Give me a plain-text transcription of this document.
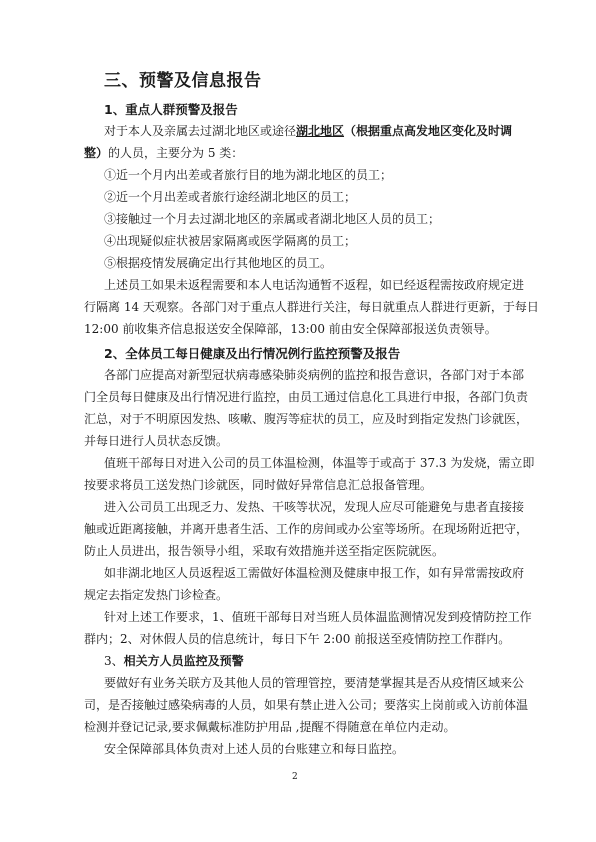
三、预警及信息报告
1、重点人群预警及报告
对于本人及亲属去过湖北地区或途径湖北地区（根据重点高发地区变化及时调
整）的人员，主要分为 5 类：
①近一个月内出差或者旅行目的地为湖北地区的员工；
②近一个月出差或者旅行途经湖北地区的员工；
③接触过一个月去过湖北地区的亲属或者湖北地区人员的员工；
④出现疑似症状被居家隔离或医学隔离的员工；
⑤根据疫情发展确定出行其他地区的员工。
上述员工如果未返程需要和本人电话沟通暂不返程，如已经返程需按政府规定进
行隔离 14 天观察。各部门对于重点人群进行关注，每日就重点人群进行更新，于每日
12:00 前收集齐信息报送安全保障部，13:00 前由安全保障部报送负责领导。
2、全体员工每日健康及出行情况例行监控预警及报告
各部门应提高对新型冠状病毒感染肺炎病例的监控和报告意识，各部门对于本部
门全员每日健康及出行情况进行监控，由员工通过信息化工具进行申报，各部门负责
汇总，对于不明原因发热、咳嗽、腹泻等症状的员工，应及时到指定发热门诊就医，
并每日进行人员状态反馈。
值班干部每日对进入公司的员工体温检测，体温等于或高于 37.3 为发烧，需立即
按要求将员工送发热门诊就医，同时做好异常信息汇总报备管理。
进入公司员工出现乏力、发热、干咳等状况，发现人应尽可能避免与患者直接接
触或近距离接触，并离开患者生活、工作的房间或办公室等场所。在现场附近把守，
防止人员进出，报告领导小组，采取有效措施并送至指定医院就医。
如非湖北地区人员返程返工需做好体温检测及健康申报工作，如有异常需按政府
规定去指定发热门诊检查。
针对上述工作要求，1、值班干部每日对当班人员体温监测情况发到疫情防控工作
群内；2、对休假人员的信息统计，每日下午 2:00 前报送至疫情防控工作群内。
3、相关方人员监控及预警
要做好有业务关联方及其他人员的管理管控，要清楚掌握其是否从疫情区域来公
司，是否接触过感染病毒的人员，如果有禁止进入公司；要落实上岗前或入访前体温
检测并登记记录,要求佩戴标准防护用品 ,提醒不得随意在单位内走动。
安全保障部具体负责对上述人员的台账建立和每日监控。
2
